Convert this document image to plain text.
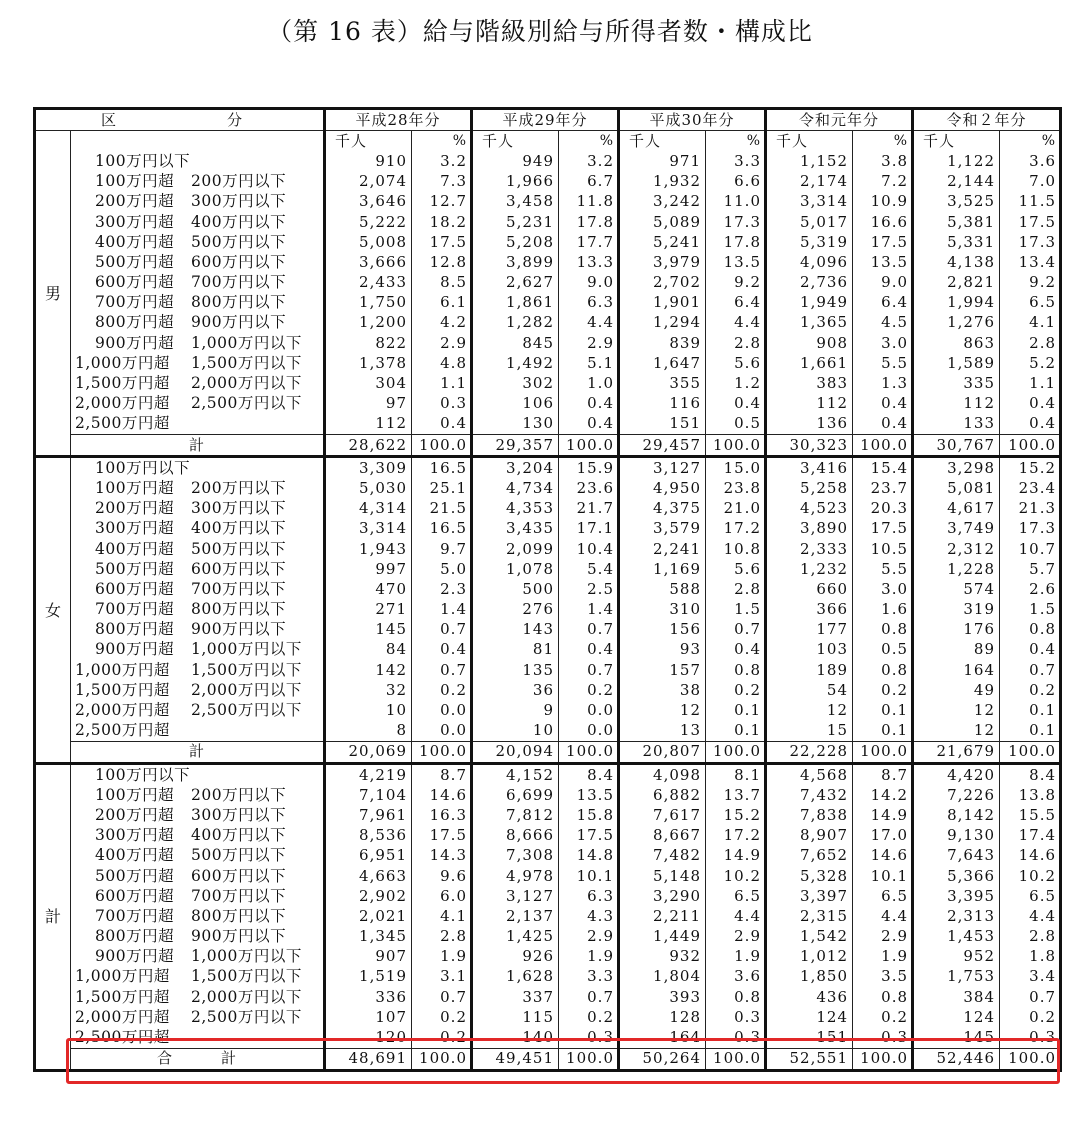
（第 16 表）給与階級別給与所得者数・構成比
区 分		平成28年分		平成29年分		平成30年分		令和元年分		令和２年分	
男		千人	%	千人	%	千人	%	千人	%	千人	%
	100万円以下	910	3.2	949	3.2	971	3.3	1,152	3.8	1,122	3.6
	100万円超 200万円以下	2,074	7.3	1,966	6.7	1,932	6.6	2,174	7.2	2,144	7.0
	200万円超 300万円以下	3,646	12.7	3,458	11.8	3,242	11.0	3,314	10.9	3,525	11.5
	300万円超 400万円以下	5,222	18.2	5,231	17.8	5,089	17.3	5,017	16.6	5,381	17.5
	400万円超 500万円以下	5,008	17.5	5,208	17.7	5,241	17.8	5,319	17.5	5,331	17.3
	500万円超 600万円以下	3,666	12.8	3,899	13.3	3,979	13.5	4,096	13.5	4,138	13.4
	600万円超 700万円以下	2,433	8.5	2,627	9.0	2,702	9.2	2,736	9.0	2,821	9.2
	700万円超 800万円以下	1,750	6.1	1,861	6.3	1,901	6.4	1,949	6.4	1,994	6.5
	800万円超 900万円以下	1,200	4.2	1,282	4.4	1,294	4.4	1,365	4.5	1,276	4.1
	900万円超 1,000万円以下	822	2.9	845	2.9	839	2.8	908	3.0	863	2.8
	1,000万円超 1,500万円以下	1,378	4.8	1,492	5.1	1,647	5.6	1,661	5.5	1,589	5.2
	1,500万円超 2,000万円以下	304	1.1	302	1.0	355	1.2	383	1.3	335	1.1
	2,000万円超 2,500万円以下	97	0.3	106	0.4	116	0.4	112	0.4	112	0.4
	2,500万円超	112	0.4	130	0.4	151	0.5	136	0.4	133	0.4
	計	28,622	100.0	29,357	100.0	29,457	100.0	30,323	100.0	30,767	100.0
女	100万円以下	3,309	16.5	3,204	15.9	3,127	15.0	3,416	15.4	3,298	15.2
	100万円超 200万円以下	5,030	25.1	4,734	23.6	4,950	23.8	5,258	23.7	5,081	23.4
	200万円超 300万円以下	4,314	21.5	4,353	21.7	4,375	21.0	4,523	20.3	4,617	21.3
	300万円超 400万円以下	3,314	16.5	3,435	17.1	3,579	17.2	3,890	17.5	3,749	17.3
	400万円超 500万円以下	1,943	9.7	2,099	10.4	2,241	10.8	2,333	10.5	2,312	10.7
	500万円超 600万円以下	997	5.0	1,078	5.4	1,169	5.6	1,232	5.5	1,228	5.7
	600万円超 700万円以下	470	2.3	500	2.5	588	2.8	660	3.0	574	2.6
	700万円超 800万円以下	271	1.4	276	1.4	310	1.5	366	1.6	319	1.5
	800万円超 900万円以下	145	0.7	143	0.7	156	0.7	177	0.8	176	0.8
	900万円超 1,000万円以下	84	0.4	81	0.4	93	0.4	103	0.5	89	0.4
	1,000万円超 1,500万円以下	142	0.7	135	0.7	157	0.8	189	0.8	164	0.7
	1,500万円超 2,000万円以下	32	0.2	36	0.2	38	0.2	54	0.2	49	0.2
	2,000万円超 2,500万円以下	10	0.0	9	0.0	12	0.1	12	0.1	12	0.1
	2,500万円超	8	0.0	10	0.0	13	0.1	15	0.1	12	0.1
	計	20,069	100.0	20,094	100.0	20,807	100.0	22,228	100.0	21,679	100.0
計	100万円以下	4,219	8.7	4,152	8.4	4,098	8.1	4,568	8.7	4,420	8.4
	100万円超 200万円以下	7,104	14.6	6,699	13.5	6,882	13.7	7,432	14.2	7,226	13.8
	200万円超 300万円以下	7,961	16.3	7,812	15.8	7,617	15.2	7,838	14.9	8,142	15.5
	300万円超 400万円以下	8,536	17.5	8,666	17.5	8,667	17.2	8,907	17.0	9,130	17.4
	400万円超 500万円以下	6,951	14.3	7,308	14.8	7,482	14.9	7,652	14.6	7,643	14.6
	500万円超 600万円以下	4,663	9.6	4,978	10.1	5,148	10.2	5,328	10.1	5,366	10.2
	600万円超 700万円以下	2,902	6.0	3,127	6.3	3,290	6.5	3,397	6.5	3,395	6.5
	700万円超 800万円以下	2,021	4.1	2,137	4.3	2,211	4.4	2,315	4.4	2,313	4.4
	800万円超 900万円以下	1,345	2.8	1,425	2.9	1,449	2.9	1,542	2.9	1,453	2.8
	900万円超 1,000万円以下	907	1.9	926	1.9	932	1.9	1,012	1.9	952	1.8
	1,000万円超 1,500万円以下	1,519	3.1	1,628	3.3	1,804	3.6	1,850	3.5	1,753	3.4
	1,500万円超 2,000万円以下	336	0.7	337	0.7	393	0.8	436	0.8	384	0.7
	2,000万円超 2,500万円以下	107	0.2	115	0.2	128	0.3	124	0.2	124	0.2
	2,500万円超	120	0.2	140	0.3	164	0.3	151	0.3	145	0.3
	合　　　計	48,691	100.0	49,451	100.0	50,264	100.0	52,551	100.0	52,446	100.0
